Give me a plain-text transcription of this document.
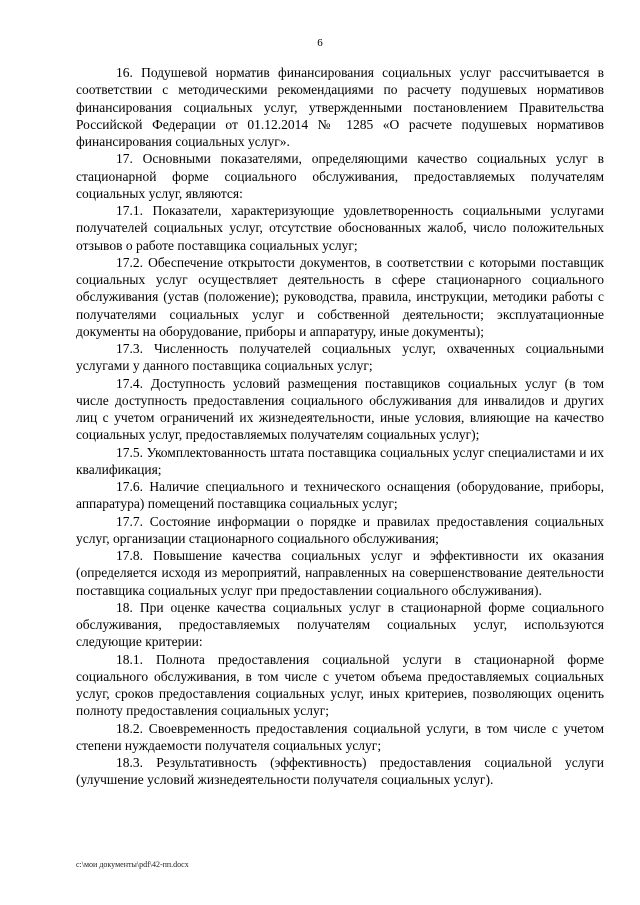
6

16. Подушевой норматив финансирования социальных услуг рассчитывается в соответствии с методическими рекомендациями по расчету подушевых нормативов финансирования социальных услуг, утвержденными постановлением Правительства Российской Федерации от 01.12.2014 № 1285 «О расчете подушевых нормативов финансирования социальных услуг».

17. Основными показателями, определяющими качество социальных услуг в стационарной форме социального обслуживания, предоставляемых получателям социальных услуг, являются:

17.1. Показатели, характеризующие удовлетворенность социальными услугами получателей социальных услуг, отсутствие обоснованных жалоб, число положительных отзывов о работе поставщика социальных услуг;

17.2. Обеспечение открытости документов, в соответствии с которыми поставщик социальных услуг осуществляет деятельность в сфере стационарного социального обслуживания (устав (положение); руководства, правила, инструкции, методики работы с получателями социальных услуг и собственной деятельности; эксплуатационные документы на оборудование, приборы и аппаратуру, иные документы);

17.3. Численность получателей социальных услуг, охваченных социальными услугами у данного поставщика социальных услуг;

17.4. Доступность условий размещения поставщиков социальных услуг (в том числе доступность предоставления социального обслуживания для инвалидов и других лиц с учетом ограничений их жизнедеятельности, иные условия, влияющие на качество социальных услуг, предоставляемых получателям социальных услуг);

17.5. Укомплектованность штата поставщика социальных услуг специалистами и их квалификация;

17.6. Наличие специального и технического оснащения (оборудование, приборы, аппаратура) помещений поставщика социальных услуг;

17.7. Состояние информации о порядке и правилах предоставления социальных услуг, организации стационарного социального обслуживания;

17.8. Повышение качества социальных услуг и эффективности их оказания (определяется исходя из мероприятий, направленных на совершенствование деятельности поставщика социальных услуг при предоставлении социального обслуживания).

18. При оценке качества социальных услуг в стационарной форме социального обслуживания, предоставляемых получателям социальных услуг, используются следующие критерии:

18.1. Полнота предоставления социальной услуги в стационарной форме социального обслуживания, в том числе с учетом объема предоставляемых социальных услуг, сроков предоставления социальных услуг, иных критериев, позволяющих оценить полноту предоставления социальных услуг;

18.2. Своевременность предоставления социальной услуги, в том числе с учетом степени нуждаемости получателя социальных услуг;

18.3. Результативность (эффективность) предоставления социальной услуги (улучшение условий жизнедеятельности получателя социальных услуг).

c:\мои документы\pdf\42-пп.docx
